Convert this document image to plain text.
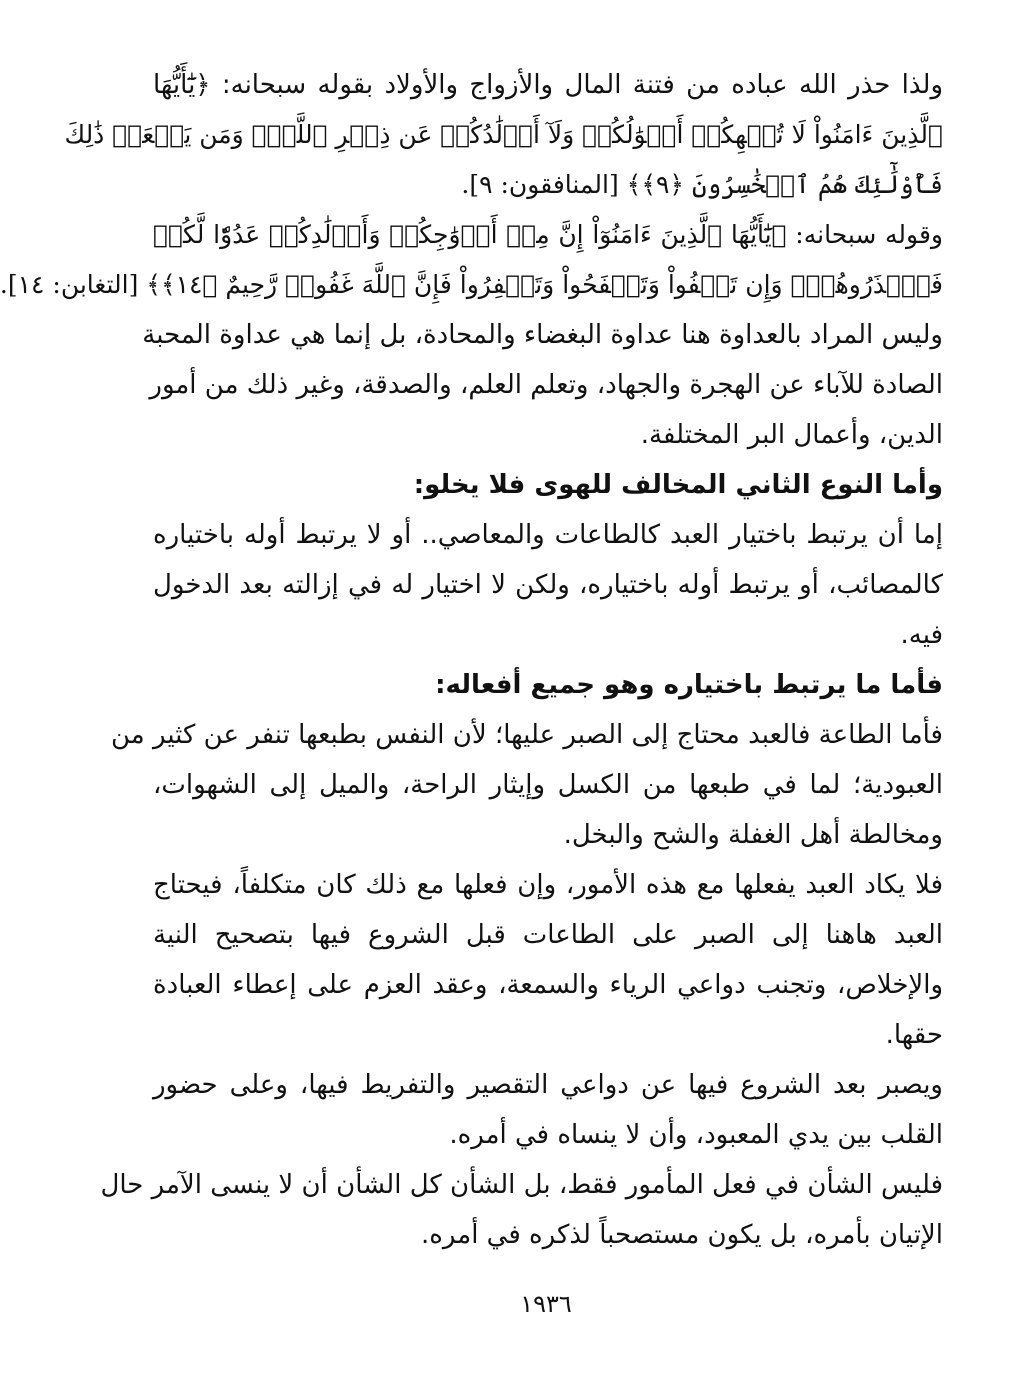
ولذا حذر الله عباده من فتنة المال والأزواج والأولاد بقوله سبحانه: ﴿يَٰٓأَيُّهَا
ٱلَّذِينَ ءَامَنُواْ لَا تُلۡهِكُمۡ أَمۡوَٰلُكُمۡ وَلَآ أَوۡلَٰدُكُمۡ عَن ذِكۡرِ ٱللَّهِۚ وَمَن يَفۡعَلۡ ذَٰلِكَ
فَأُوْلَٰٓئِكَ هُمُ ٱلۡخَٰسِرُونَ ﴿٩﴾﴾ [المنافقون: ٩].
وقوله سبحانه: ﴿يَٰٓأَيُّهَا ٱلَّذِينَ ءَامَنُوٓاْ إِنَّ مِنۡ أَزۡوَٰجِكُمۡ وَأَوۡلَٰدِكُمۡ عَدُوّٗا لَّكُمۡ
فَٱحۡذَرُوهُمۡۚ وَإِن تَعۡفُواْ وَتَصۡفَحُواْ وَتَغۡفِرُواْ فَإِنَّ ٱللَّهَ غَفُورٞ رَّحِيمٌ ﴿١٤﴾﴾ [التغابن: ١٤].
وليس المراد بالعداوة هنا عداوة البغضاء والمحادة، بل إنما هي عداوة المحبة
الصادة للآباء عن الهجرة والجهاد، وتعلم العلم، والصدقة، وغير ذلك من أمور
الدين، وأعمال البر المختلفة.
وأما النوع الثاني المخالف للهوى فلا يخلو:
إما أن يرتبط باختيار العبد كالطاعات والمعاصي.. أو لا يرتبط أوله باختياره
كالمصائب، أو يرتبط أوله باختياره، ولكن لا اختيار له في إزالته بعد الدخول
فيه.
فأما ما يرتبط باختياره وهو جميع أفعاله:
فأما الطاعة فالعبد محتاج إلى الصبر عليها؛ لأن النفس بطبعها تنفر عن كثير من
العبودية؛ لما في طبعها من الكسل وإيثار الراحة، والميل إلى الشهوات،
ومخالطة أهل الغفلة والشح والبخل.
فلا يكاد العبد يفعلها مع هذه الأمور، وإن فعلها مع ذلك كان متكلفاً، فيحتاج
العبد هاهنا إلى الصبر على الطاعات قبل الشروع فيها بتصحيح النية
والإخلاص، وتجنب دواعي الرياء والسمعة، وعقد العزم على إعطاء العبادة
حقها.
ويصبر بعد الشروع فيها عن دواعي التقصير والتفريط فيها، وعلى حضور
القلب بين يدي المعبود، وأن لا ينساه في أمره.
فليس الشأن في فعل المأمور فقط، بل الشأن كل الشأن أن لا ينسى الآمر حال
الإتيان بأمره، بل يكون مستصحباً لذكره في أمره.
١٩٣٦
